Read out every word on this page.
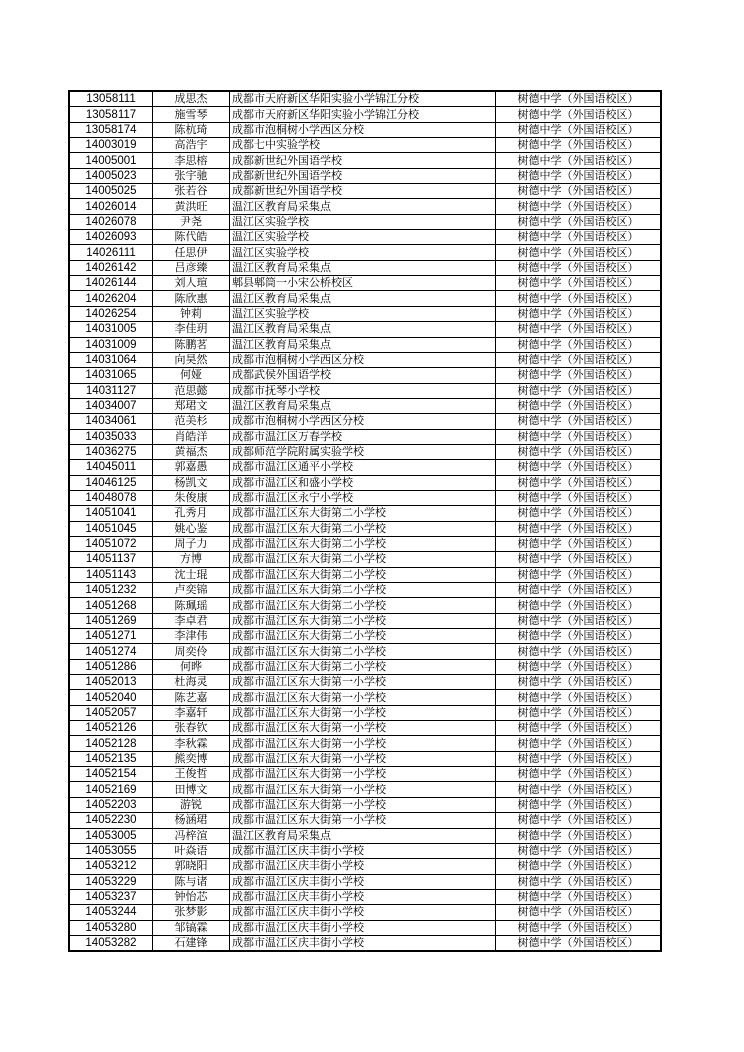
13058111	成思杰	成都市天府新区华阳实验小学锦江分校	树德中学（外国语校区）
13058117	施雪琴	成都市天府新区华阳实验小学锦江分校	树德中学（外国语校区）
13058174	陈杭琦	成都市泡桐树小学西区分校	树德中学（外国语校区）
14003019	高浩宇	成都七中实验学校	树德中学（外国语校区）
14005001	李思榕	成都新世纪外国语学校	树德中学（外国语校区）
14005023	张宇驰	成都新世纪外国语学校	树德中学（外国语校区）
14005025	张若谷	成都新世纪外国语学校	树德中学（外国语校区）
14026014	黄洪旺	温江区教育局采集点	树德中学（外国语校区）
14026078	尹尧	温江区实验学校	树德中学（外国语校区）
14026093	陈代皓	温江区实验学校	树德中学（外国语校区）
14026111	任思伊	温江区实验学校	树德中学（外国语校区）
14026142	吕彦臻	温江区教育局采集点	树德中学（外国语校区）
14026144	刘人瑄	郫县郫筒一小宋公桥校区	树德中学（外国语校区）
14026204	陈欣惠	温江区教育局采集点	树德中学（外国语校区）
14026254	钟莉	温江区实验学校	树德中学（外国语校区）
14031005	李佳玥	温江区教育局采集点	树德中学（外国语校区）
14031009	陈鹏茗	温江区教育局采集点	树德中学（外国语校区）
14031064	向昊然	成都市泡桐树小学西区分校	树德中学（外国语校区）
14031065	何娅	成都武侯外国语学校	树德中学（外国语校区）
14031127	范思懿	成都市抚琴小学校	树德中学（外国语校区）
14034007	郑珺文	温江区教育局采集点	树德中学（外国语校区）
14034061	范美杉	成都市泡桐树小学西区分校	树德中学（外国语校区）
14035033	肖皓洋	成都市温江区万春学校	树德中学（外国语校区）
14036275	黄福杰	成都师范学院附属实验学校	树德中学（外国语校区）
14045011	郭嘉愚	成都市温江区通平小学校	树德中学（外国语校区）
14046125	杨凯文	成都市温江区和盛小学校	树德中学（外国语校区）
14048078	朱俊康	成都市温江区永宁小学校	树德中学（外国语校区）
14051041	孔秀月	成都市温江区东大街第二小学校	树德中学（外国语校区）
14051045	姚心鉴	成都市温江区东大街第二小学校	树德中学（外国语校区）
14051072	周子力	成都市温江区东大街第二小学校	树德中学（外国语校区）
14051137	方博	成都市温江区东大街第二小学校	树德中学（外国语校区）
14051143	沈士琨	成都市温江区东大街第二小学校	树德中学（外国语校区）
14051232	卢奕锦	成都市温江区东大街第二小学校	树德中学（外国语校区）
14051268	陈珮瑶	成都市温江区东大街第二小学校	树德中学（外国语校区）
14051269	李卓君	成都市温江区东大街第二小学校	树德中学（外国语校区）
14051271	李津伟	成都市温江区东大街第二小学校	树德中学（外国语校区）
14051274	周奕伶	成都市温江区东大街第二小学校	树德中学（外国语校区）
14051286	何晔	成都市温江区东大街第二小学校	树德中学（外国语校区）
14052013	杜海灵	成都市温江区东大街第一小学校	树德中学（外国语校区）
14052040	陈艺嘉	成都市温江区东大街第一小学校	树德中学（外国语校区）
14052057	李嘉轩	成都市温江区东大街第一小学校	树德中学（外国语校区）
14052126	张春钦	成都市温江区东大街第一小学校	树德中学（外国语校区）
14052128	李秋霖	成都市温江区东大街第一小学校	树德中学（外国语校区）
14052135	熊奕博	成都市温江区东大街第一小学校	树德中学（外国语校区）
14052154	王俊哲	成都市温江区东大街第一小学校	树德中学（外国语校区）
14052169	田博文	成都市温江区东大街第一小学校	树德中学（外国语校区）
14052203	游锐	成都市温江区东大街第一小学校	树德中学（外国语校区）
14052230	杨涵珺	成都市温江区东大街第一小学校	树德中学（外国语校区）
14053005	冯梓渲	温江区教育局采集点	树德中学（外国语校区）
14053055	叶焱语	成都市温江区庆丰街小学校	树德中学（外国语校区）
14053212	郭晓阳	成都市温江区庆丰街小学校	树德中学（外国语校区）
14053229	陈与诸	成都市温江区庆丰街小学校	树德中学（外国语校区）
14053237	钟怡芯	成都市温江区庆丰街小学校	树德中学（外国语校区）
14053244	张梦影	成都市温江区庆丰街小学校	树德中学（外国语校区）
14053280	邹镐霖	成都市温江区庆丰街小学校	树德中学（外国语校区）
14053282	石建锋	成都市温江区庆丰街小学校	树德中学（外国语校区）
